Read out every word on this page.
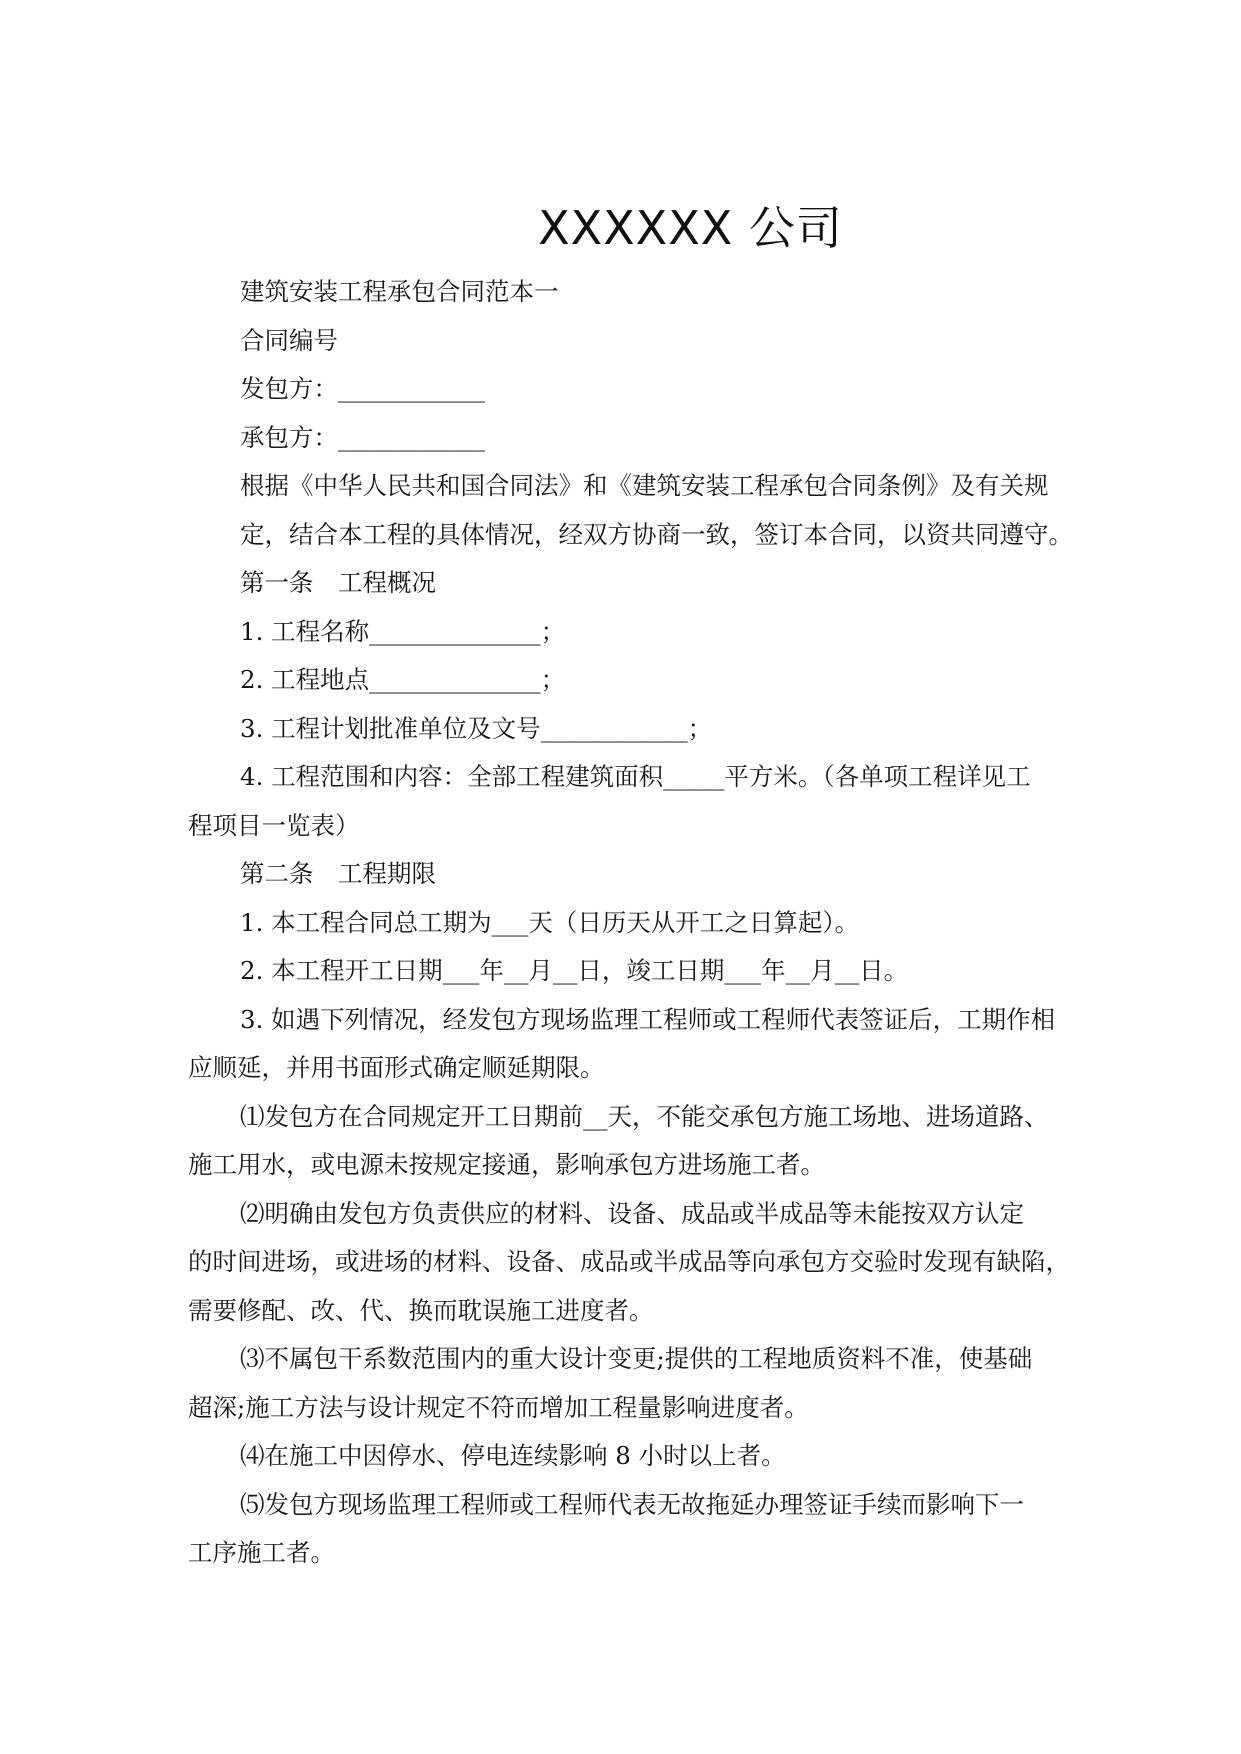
XXXXXX 公司
建筑安装工程承包合同范本一
合同编号
发包方：____________
承包方：____________
根据《中华人民共和国合同法》和《建筑安装工程承包合同条例》及有关规
定，结合本工程的具体情况，经双方协商一致，签订本合同，以资共同遵守。
第一条　工程概况
1. 工程名称______________；
2. 工程地点______________；
3. 工程计划批准单位及文号____________；
4. 工程范围和内容：全部工程建筑面积_____平方米。（各单项工程详见工
程项目一览表）
第二条　工程期限
1. 本工程合同总工期为___天（日历天从开工之日算起）。
2. 本工程开工日期___年__月__日，竣工日期___年__月__日。
3. 如遇下列情况，经发包方现场监理工程师或工程师代表签证后，工期作相
应顺延，并用书面形式确定顺延期限。
⑴发包方在合同规定开工日期前__天，不能交承包方施工场地、进场道路、
施工用水，或电源未按规定接通，影响承包方进场施工者。
⑵明确由发包方负责供应的材料、设备、成品或半成品等未能按双方认定
的时间进场，或进场的材料、设备、成品或半成品等向承包方交验时发现有缺陷，
需要修配、改、代、换而耽误施工进度者。
⑶不属包干系数范围内的重大设计变更;提供的工程地质资料不准，使基础
超深;施工方法与设计规定不符而增加工程量影响进度者。
⑷在施工中因停水、停电连续影响 8 小时以上者。
⑸发包方现场监理工程师或工程师代表无故拖延办理签证手续而影响下一
工序施工者。
